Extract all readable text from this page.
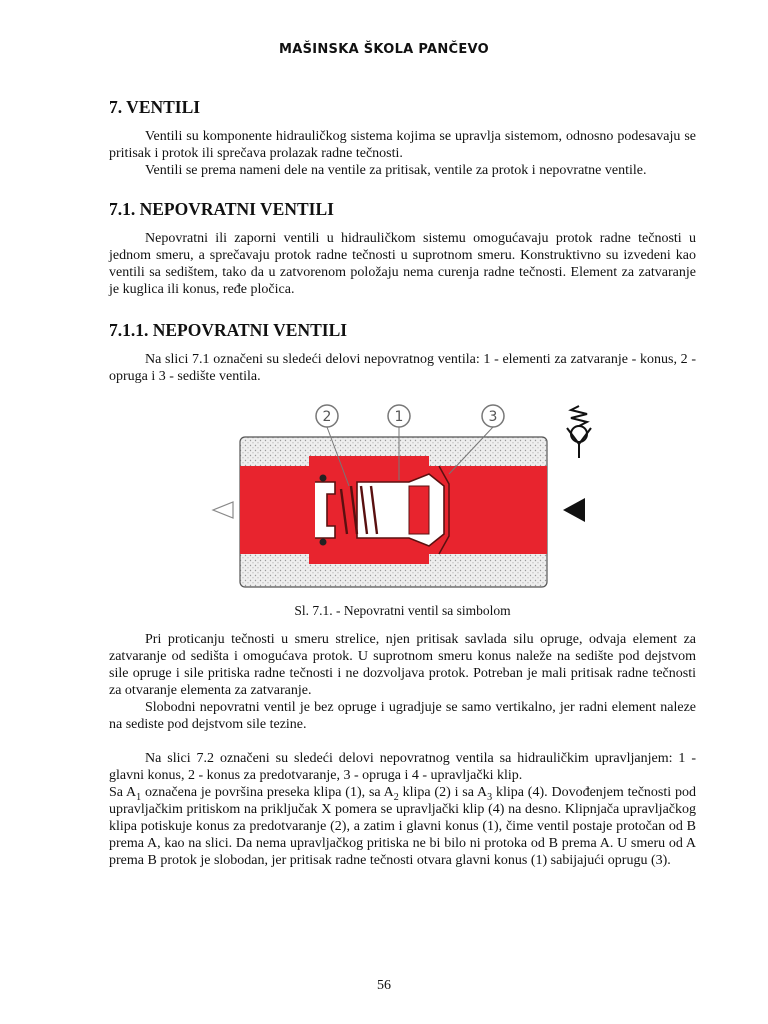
MAŠINSKA ŠKOLA PANČEVO
7. VENTILI

Ventili su komponente hidrauličkog sistema kojima se upravlja sistemom, odnosno podesavaju se pritisak i protok ili sprečava prolazak radne tečnosti.

Ventili se prema nameni dele na ventile za pritisak, ventile za protok i nepovratne ventile.

7.1. NEPOVRATNI VENTILI

Nepovratni ili zaporni ventili u hidrauličkom sistemu omogućavaju protok radne tečnosti u jednom smeru, a sprečavaju protok radne tečnosti u suprotnom smeru. Konstruktivno su izvedeni kao ventili sa sedištem, tako da u zatvorenom položaju nema curenja radne tečnosti. Element za zatvaranje je kuglica ili konus, ređe pločica.

7.1.1. NEPOVRATNI VENTILI

Na slici 7.1 označeni su sledeći delovi nepovratnog ventila: 1 - elementi za zatvaranje - konus, 2 - opruga i 3 - sedište ventila.

2	1	3
Sl. 7.1. - Nepovratni ventil sa simbolom

Pri proticanju tečnosti u smeru strelice, njen pritisak savlada silu opruge, odvaja element za zatvaranje od sedišta i omogućava protok. U suprotnom smeru konus naleže na sedište pod dejstvom sile opruge i sile pritiska radne tečnosti i ne dozvoljava protok. Potreban je mali pritisak radne tečnosti za otvaranje elementa za zatvaranje.

Slobodni nepovratni ventil je bez opruge i ugradjuje se samo vertikalno, jer radni element naleze na sediste pod dejstvom sile tezine.

Na slici 7.2 označeni su sledeći delovi nepovratnog ventila sa hidrauličkim upravljanjem: 1 - glavni konus, 2 - konus za predotvaranje, 3 - opruga i 4 - upravljački klip.

Sa $A_1$ označena je površina preseka klipa (1), sa $A_2$ klipa (2) i sa $A_3$ klipa (4). Dovođenjem tečnosti pod upravljačkim pritiskom na priključak X pomera se upravljački klip (4) na desno. Klipnjača upravljačkog klipa potiskuje konus za predotvaranje (2), a zatim i glavni konus (1), čime ventil postaje protočan od B prema A, kao na slici. Da nema upravljačkog pritiska ne bi bilo ni protoka od B prema A. U smeru od A prema B protok je slobodan, jer pritisak radne tečnosti otvara glavni konus (1) sabijajući oprugu (3).

56
